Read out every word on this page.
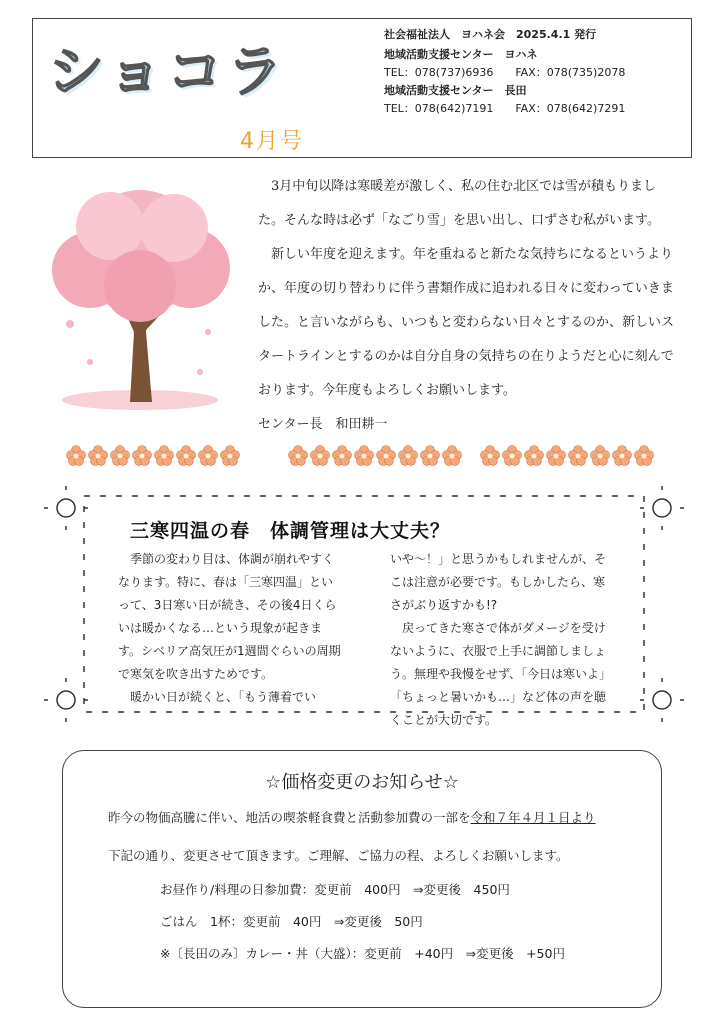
ショコラ
4月号
社会福祉法人　ヨハネ会　2025.4.1 発行
地域活動支援センター　ヨハネ
TEL：078(737)6936　　FAX：078(735)2078
地域活動支援センター　長田
TEL：078(642)7191　　FAX：078(642)7291

　3月中旬以降は寒暖差が激しく、私の住む北区では雪が積もりました。そんな時は必ず「なごり雪」を思い出し、口ずさむ私がいます。

　新しい年度を迎えます。年を重ねると新たな気持ちになるというよりか、年度の切り替わりに伴う書類作成に追われる日々に変わっていきました。と言いながらも、いつもと変わらない日々とするのか、新しいスタートラインとするのかは自分自身の気持ちの在りようだと心に刻んでおります。今年度もよろしくお願いします。

センター長　和田耕一

三寒四温の春　体調管理は大丈夫？

　季節の変わり目は、体調が崩れやすくなります。特に、春は「三寒四温」といって、3日寒い日が続き、その後4日くらいは暖かくなる…という現象が起きます。シベリア高気圧が1週間ぐらいの周期で寒気を吹き出すためです。

　暖かい日が続くと、「もう薄着でい

いや〜！」と思うかもしれませんが、そこは注意が必要です。もしかしたら、寒さがぶり返すかも!?

　戻ってきた寒さで体がダメージを受けないように、衣服で上手に調節しましょう。無理や我慢をせず、「今日は寒いよ」「ちょっと暑いかも…」など体の声を聴くことが大切です。

☆価格変更のお知らせ☆
昨今の物価高騰に伴い、地活の喫茶軽食費と活動参加費の一部を令和７年４月１日より
下記の通り、変更させて頂きます。ご理解、ご協力の程、よろしくお願いします。
お昼作り/料理の日参加費：変更前　400円　⇒変更後　450円
ごはん　1杯：変更前　40円　⇒変更後　50円
※〔長田のみ〕カレー・丼（大盛）：変更前　+40円　⇒変更後　+50円
